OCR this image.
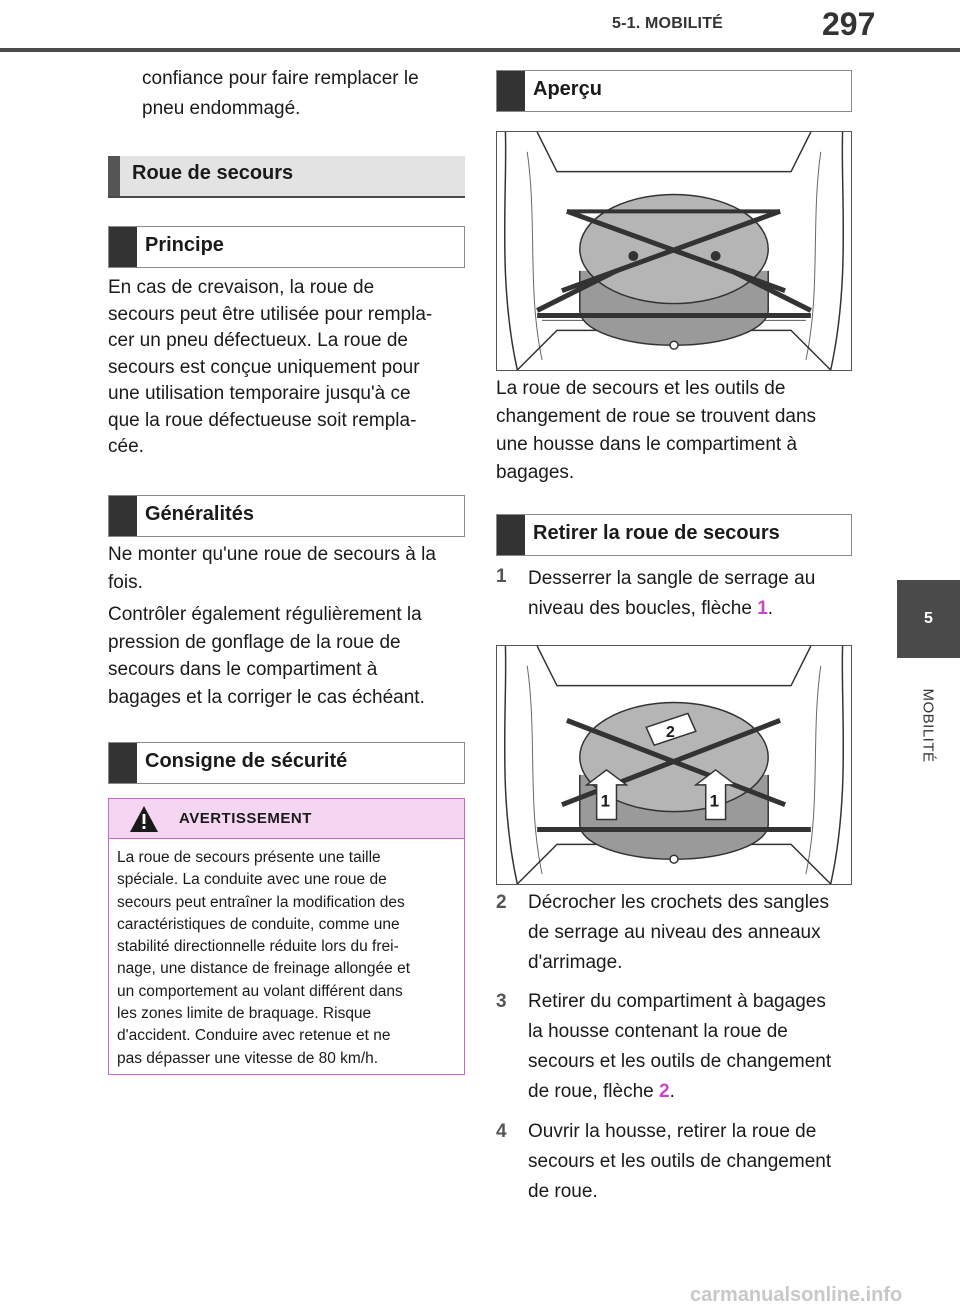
5-1. MOBILITÉ	297
5
MOBILITÉ
confiance pour faire remplacer le
pneu endommagé.
Roue de secours
Principe
En cas de crevaison, la roue de
secours peut être utilisée pour rempla-
cer un pneu défectueux. La roue de
secours est conçue uniquement pour
une utilisation temporaire jusqu'à ce
que la roue défectueuse soit rempla-
cée.
Généralités
Ne monter qu'une roue de secours à la
fois.
Contrôler également régulièrement la
pression de gonflage de la roue de
secours dans le compartiment à
bagages et la corriger le cas échéant.
Consigne de sécurité
AVERTISSEMENT
La roue de secours présente une taille
spéciale. La conduite avec une roue de
secours peut entraîner la modification des
caractéristiques de conduite, comme une
stabilité directionnelle réduite lors du frei-
nage, une distance de freinage allongée et
un comportement au volant différent dans
les zones limite de braquage. Risque
d'accident. Conduire avec retenue et ne
pas dépasser une vitesse de 80 km/h.
Aperçu
La roue de secours et les outils de
changement de roue se trouvent dans
une housse dans le compartiment à
bagages.
Retirer la roue de secours
1 Desserrer la sangle de serrage au
niveau des boucles, flèche 1.
2
1	1
2 Décrocher les crochets des sangles
de serrage au niveau des anneaux
d'arrimage.
3 Retirer du compartiment à bagages
la housse contenant la roue de
secours et les outils de changement
de roue, flèche 2.
4 Ouvrir la housse, retirer la roue de
secours et les outils de changement
de roue.
carmanualsonline.info
